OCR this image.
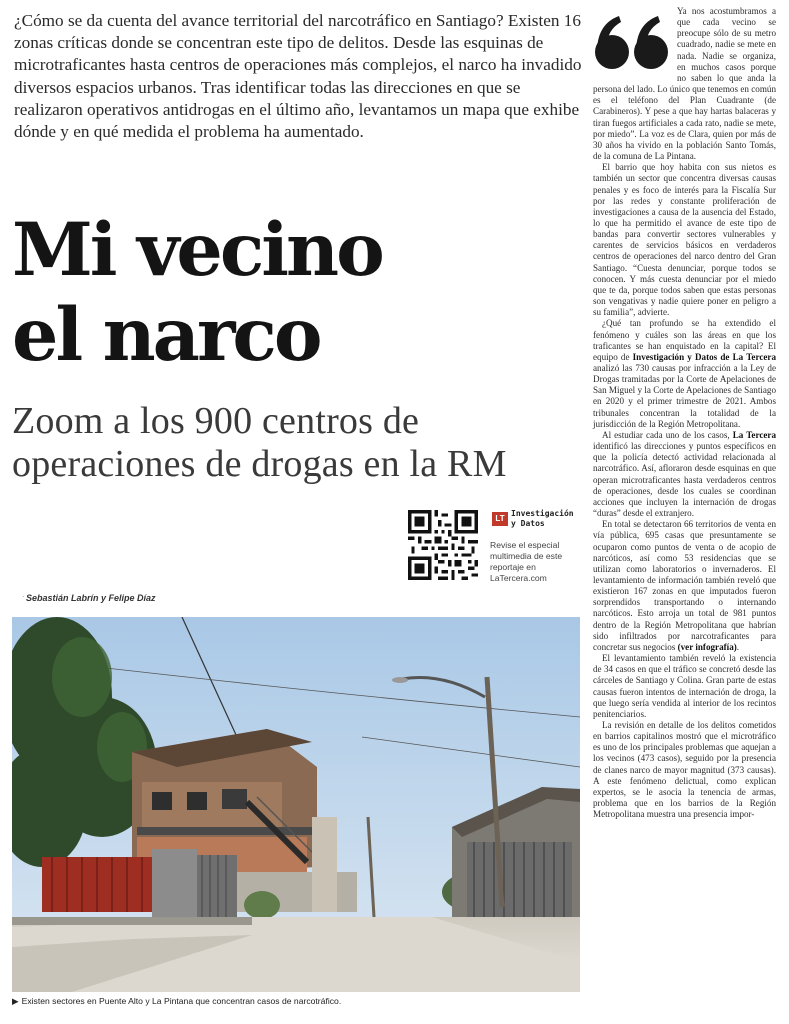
¿Cómo se da cuenta del avance territorial del narcotráfico en Santiago? Existen 16 zonas críticas donde se concentran este tipo de delitos. Desde las esquinas de microtraficantes hasta centros de operaciones más complejos, el narco ha invadido diversos espacios urbanos. Tras identificar todas las direcciones en que se realizaron operativos antidrogas en el último año, levantamos un mapa que exhibe dónde y en qué medida el problema ha aumentado.
Mi vecino
el narco
Zoom a los 900 centros de
operaciones de drogas en la RM
LT
Investigación
y Datos
Revise el especial multimedia de este reportaje en LaTercera.com
· Sebastián Labrín y Felipe Díaz
▶ Existen sectores en Puente Alto y La Pintana que concentran casos de narcotráfico.

Ya nos acostumbramos a que cada vecino se preocupe sólo de su metro cuadrado, nadie se mete en nada. Nadie se organiza, en muchos casos porque no saben lo que anda la persona del lado. Lo único que tenemos en común es el teléfono del Plan Cuadrante (de Carabineros). Y pese a que hay hartas balaceras y tiran fuegos artificiales a cada rato, nadie se mete, por miedo”. La voz es de Clara, quien por más de 30 años ha vivido en la población Santo Tomás, de la comuna de La Pintana.

El barrio que hoy habita con sus nietos es también un sector que concentra diversas causas penales y es foco de interés para la Fiscalía Sur por las redes y constante proliferación de investigaciones a causa de la ausencia del Estado, lo que ha permitido el avance de este tipo de bandas para convertir sectores vulnerables y carentes de servicios básicos en verdaderos centros de operaciones del narco dentro del Gran Santiago. “Cuesta denunciar, porque todos se conocen. Y más cuesta denunciar por el miedo que te da, porque todos saben que estas personas son vengativas y nadie quiere poner en peligro a su familia”, advierte.

¿Qué tan profundo se ha extendido el fenómeno y cuáles son las áreas en que los traficantes se han enquistado en la capital? El equipo de Investigación y Datos de La Tercera analizó las 730 causas por infracción a la Ley de Drogas tramitadas por la Corte de Apelaciones de San Miguel y la Corte de Apelaciones de Santiago en 2020 y el primer trimestre de 2021. Ambos tribunales concentran la totalidad de la jurisdicción de la Región Metropolitana.

Al estudiar cada uno de los casos, La Tercera identificó las direcciones y puntos específicos en que la policía detectó actividad relacionada al narcotráfico. Así, afloraron desde esquinas en que operan microtraficantes hasta verdaderos centros de operaciones, desde los cuales se coordinan acciones que incluyen la internación de drogas “duras” desde el extranjero.

En total se detectaron 66 territorios de venta en vía pública, 695 casas que presuntamente se ocuparon como puntos de venta o de acopio de narcóticos, así como 53 residencias que se utilizan como laboratorios o invernaderos. El levantamiento de información también reveló que existieron 167 zonas en que imputados fueron sorprendidos transportando o internando narcóticos. Esto arroja un total de 981 puntos dentro de la Región Metropolitana que habrían sido infiltrados por narcotraficantes para concretar sus negocios (ver infografía).

El levantamiento también reveló la existencia de 34 casos en que el tráfico se concretó desde las cárceles de Santiago y Colina. Gran parte de estas causas fueron intentos de internación de droga, la que luego sería vendida al interior de los recintos penitenciarios.

La revisión en detalle de los delitos cometidos en barrios capitalinos mostró que el microtráfico es uno de los principales problemas que aquejan a los vecinos (473 casos), seguido por la presencia de clanes narco de mayor magnitud (373 causas). A este fenómeno delictual, como explican expertos, se le asocia la tenencia de armas, problema que en los barrios de la Región Metropolitana muestra una presencia impor-
